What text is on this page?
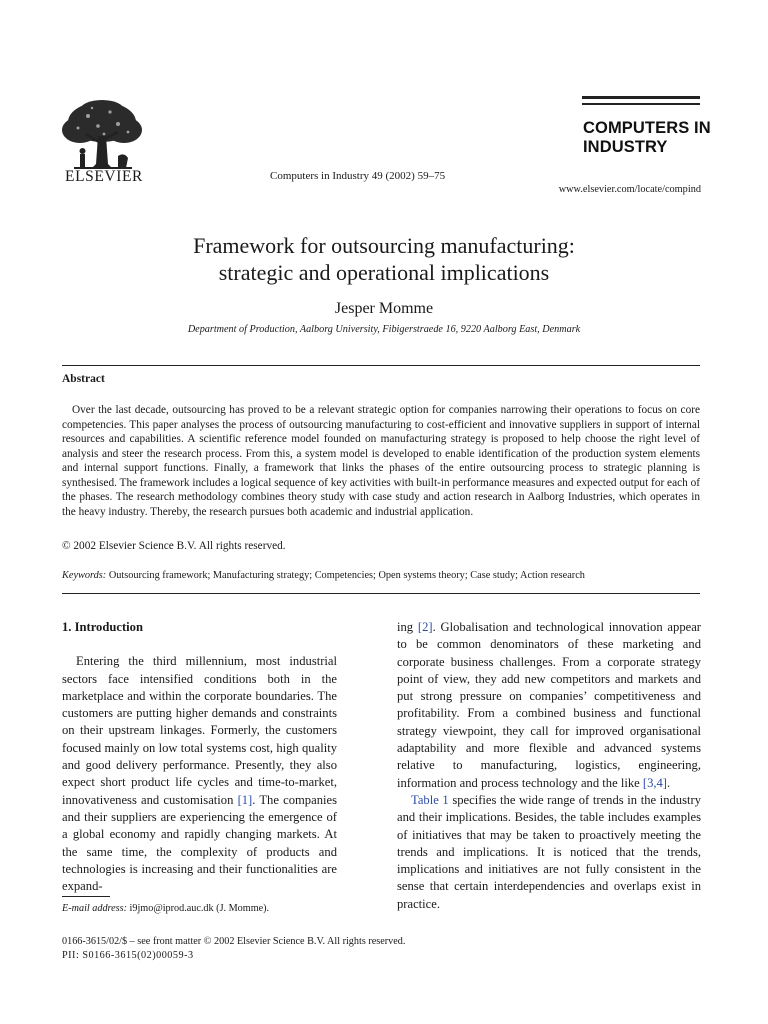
ELSEVIER	Computers in Industry 49 (2002) 59–75
COMPUTERS IN
INDUSTRY
www.elsevier.com/locate/compind
Framework for outsourcing manufacturing:
strategic and operational implications
Jesper Momme
Department of Production, Aalborg University, Fibigerstraede 16, 9220 Aalborg East, Denmark
Abstract

Over the last decade, outsourcing has proved to be a relevant strategic option for companies narrowing their operations to focus on core competencies. This paper analyses the process of outsourcing manufacturing to cost-efficient and innovative suppliers in support of internal resources and capabilities. A scientific reference model founded on manufacturing strategy is proposed to help choose the right level of analysis and steer the research process. From this, a system model is developed to enable identification of the production system elements and internal support functions. Finally, a framework that links the phases of the entire outsourcing process to strategic planning is synthesised. The framework includes a logical sequence of key activities with built-in performance measures and expected output for each of the phases. The research methodology combines theory study with case study and action research in Aalborg Industries, which operates in the heavy industry. Thereby, the research pursues both academic and industrial application.

© 2002 Elsevier Science B.V. All rights reserved.
Keywords: Outsourcing framework; Manufacturing strategy; Competencies; Open systems theory; Case study; Action research
1. Introduction

Entering the third millennium, most industrial sectors face intensified conditions both in the marketplace and within the corporate boundaries. The customers are putting higher demands and constraints on their upstream linkages. Formerly, the customers focused mainly on low total systems cost, high quality and good delivery performance. Presently, they also expect short product life cycles and time-to-market, innovativeness and customisation [1]. The companies and their suppliers are experiencing the emergence of a global economy and rapidly changing markets. At the same time, the complexity of products and technologies is increasing and their functionalities are expand-

ing [2]. Globalisation and technological innovation appear to be common denominators of these marketing and corporate business challenges. From a corporate strategy point of view, they add new competitors and markets and put strong pressure on companies’ competitiveness and profitability. From a combined business and functional strategy viewpoint, they call for improved organisational adaptability and more flexible and advanced systems relative to manufacturing, logistics, engineering, information and process technology and the like [3,4].

Table 1 specifies the wide range of trends in the industry and their implications. Besides, the table includes examples of initiatives that may be taken to proactively meeting the trends and implications. It is noticed that the trends, implications and initiatives are not fully consistent in the sense that certain interdependencies and overlaps exist in practice.

E-mail address: i9jmo@iprod.auc.dk (J. Momme).
0166-3615/02/$ – see front matter © 2002 Elsevier Science B.V. All rights reserved.
PII: S0166-3615(02)00059-3
